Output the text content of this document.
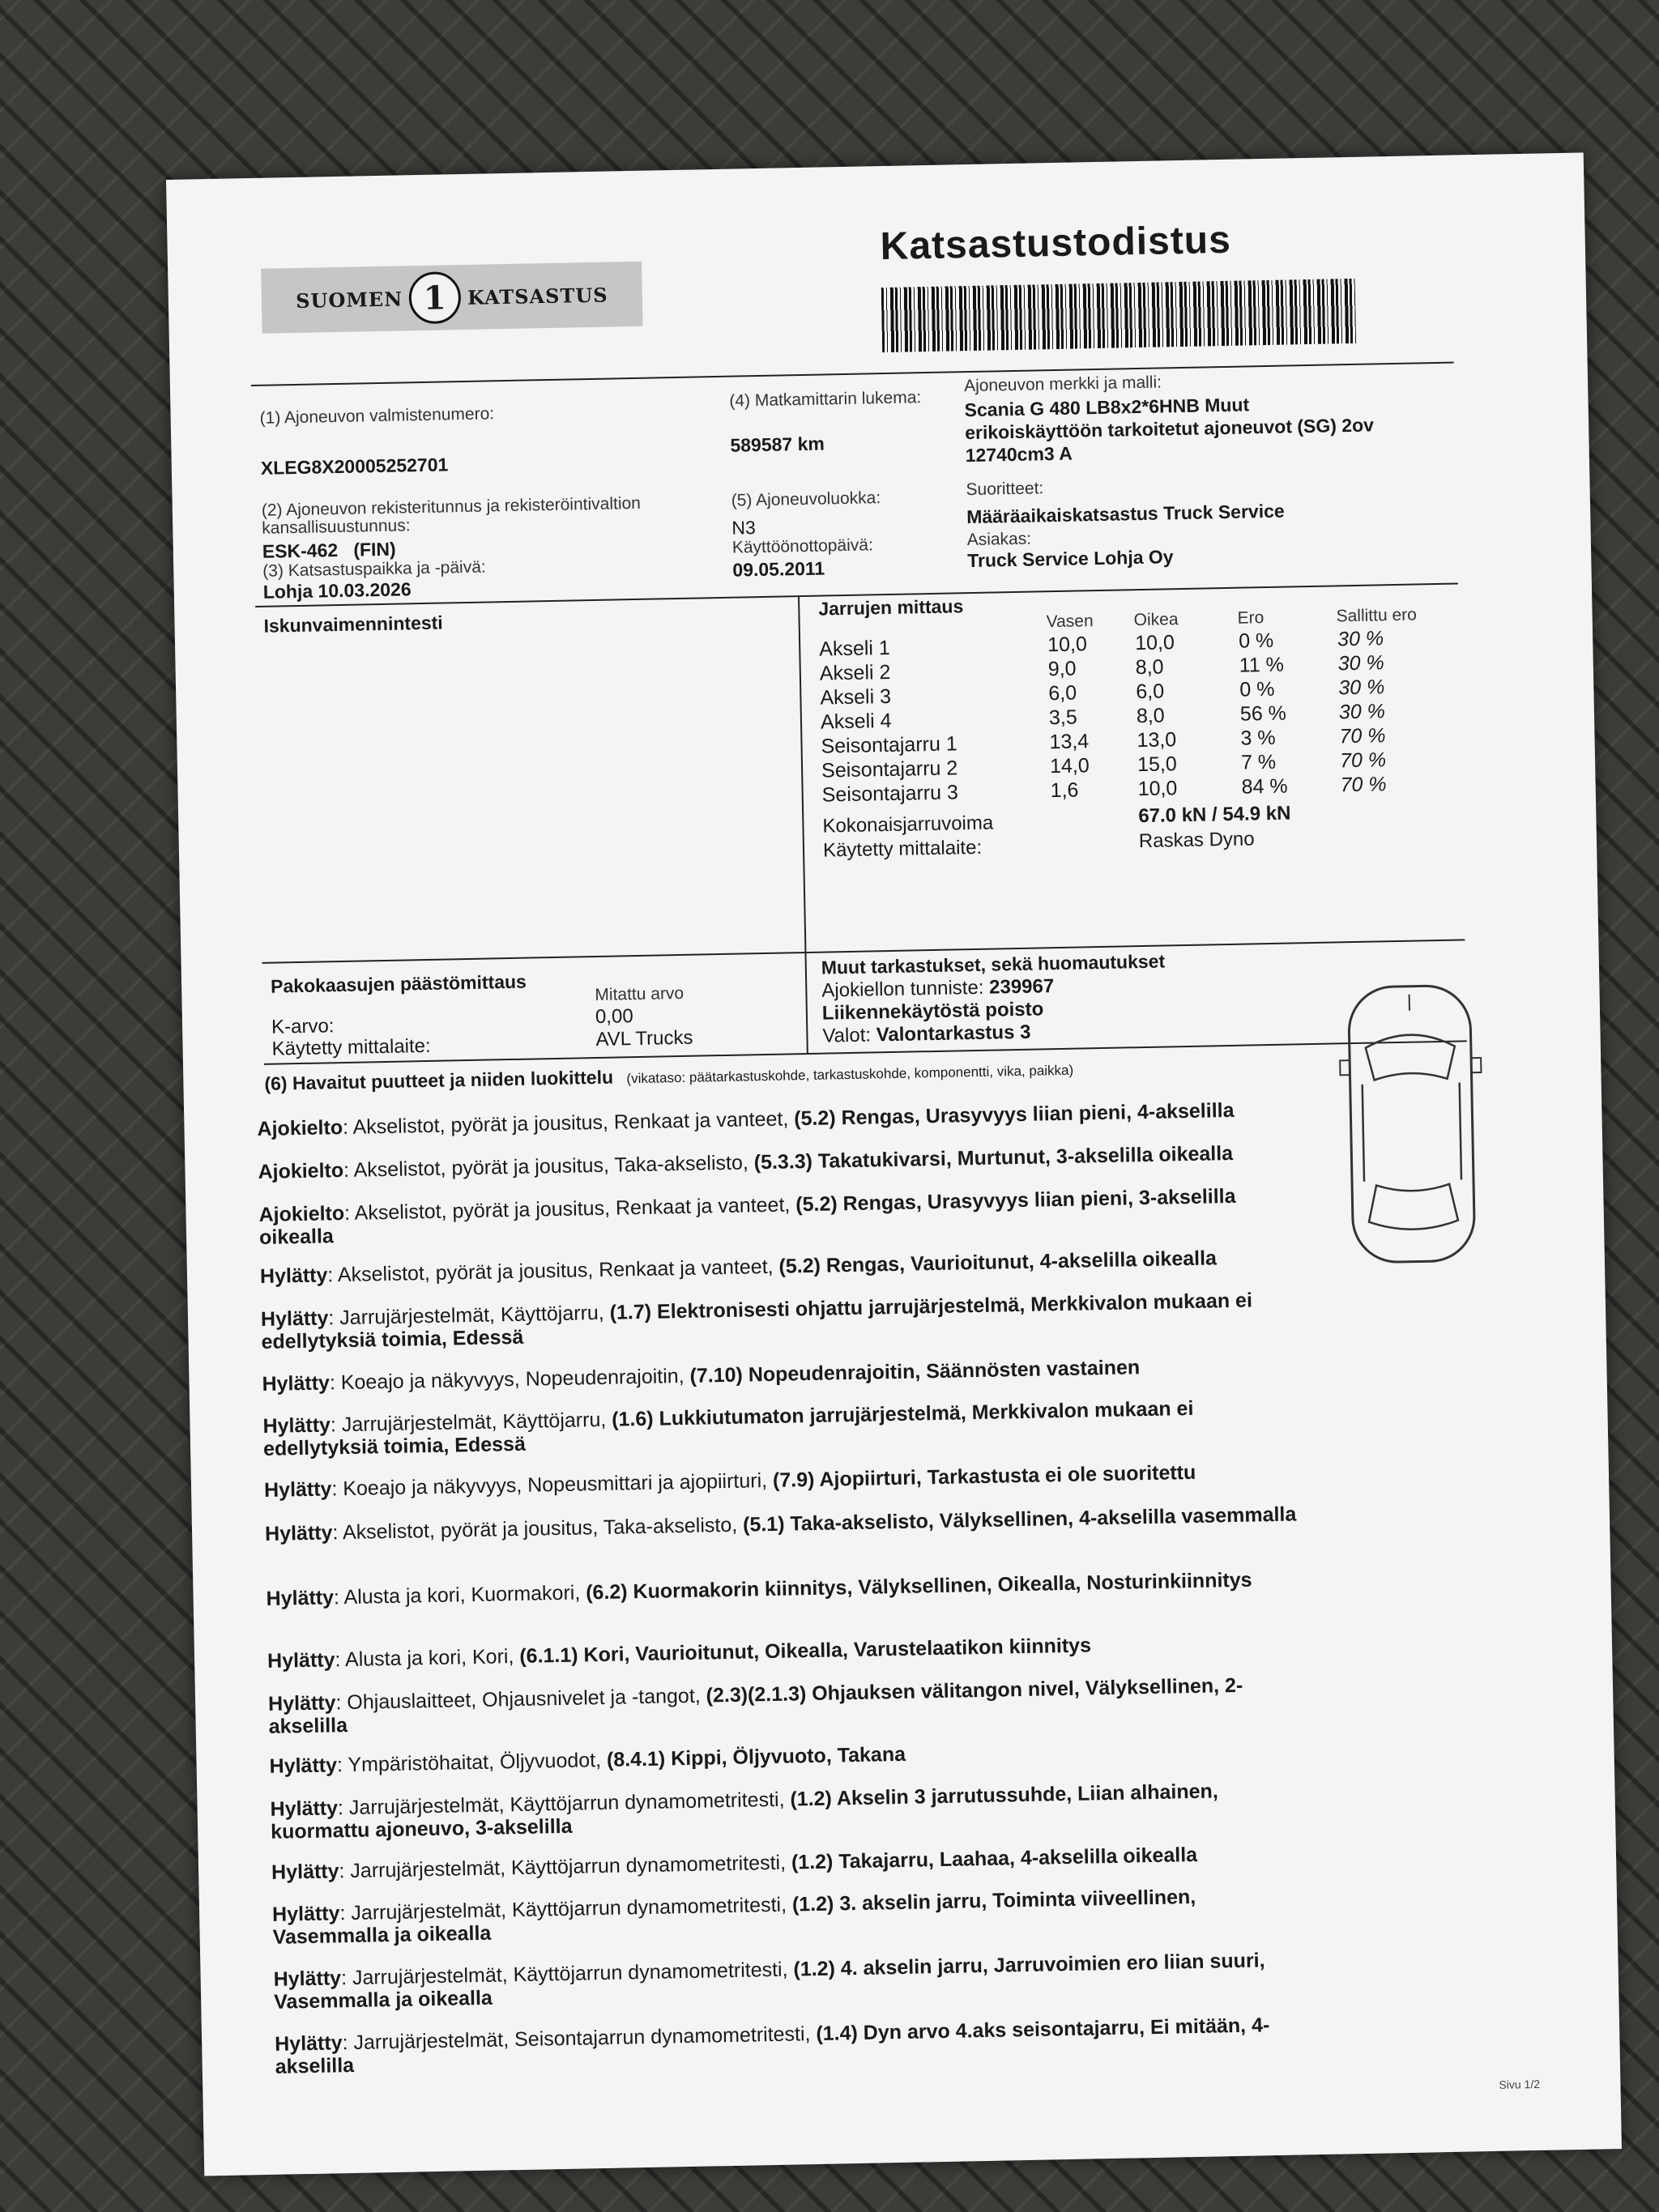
SUOMEN 1	KATSASTUS
Katsastustodistus
(1) Ajoneuvon valmistenumero:
XLEG8X20005252701
(2) Ajoneuvon rekisteritunnus ja rekisteröintivaltion kansallisuustunnus:
ESK-462   (FIN)
(3) Katsastuspaikka ja -päivä:
Lohja 10.03.2026
(4) Matkamittarin lukema:
589587 km
(5) Ajoneuvoluokka:
N3
Käyttöönottopäivä:
09.05.2011
Ajoneuvon merkki ja malli:
Scania G 480 LB8x2*6HNB Muut
erikoiskäyttöön tarkoitetut ajoneuvot (SG) 2ov
12740cm3 A
Suoritteet:
Määräaikaiskatsastus Truck Service
Asiakas:
Truck Service Lohja Oy
Iskunvaimennintesti
Jarrujen mittaus
Vasen Oikea	Ero	Sallittu ero
Akseli 1	10,0	10,0	0 %	30 %
Akseli 2	9,0	8,0	11 %	30 %
Akseli 3	6,0	6,0	0 %	30 %
Akseli 4	3,5	8,0	56 %	30 %
Seisontajarru 1	13,4	13,0	3 %	70 %
Seisontajarru 2	14,0	15,0	7 %	70 %
Seisontajarru 3	1,6	10,0	84 %	70 %
Kokonaisjarruvoima	67.0 kN / 54.9 kN
Käytetty mittalaite:	Raskas Dyno
Pakokaasujen päästömittaus	Mitattu arvo
K-arvo:	0,00
Käytetty mittalaite:	AVL Trucks
Muut tarkastukset, sekä huomautukset
Ajokiellon tunniste: 239967
Liikennekäytöstä poisto
Valot: Valontarkastus 3
(6) Havaitut puutteet ja niiden luokittelu (vikataso: päätarkastuskohde, tarkastuskohde, komponentti, vika, paikka)
Ajokielto: Akselistot, pyörät ja jousitus, Renkaat ja vanteet, (5.2) Rengas, Urasyvyys liian pieni, 4-akselilla
Ajokielto: Akselistot, pyörät ja jousitus, Taka-akselisto, (5.3.3) Takatukivarsi, Murtunut, 3-akselilla oikealla
Ajokielto: Akselistot, pyörät ja jousitus, Renkaat ja vanteet, (5.2) Rengas, Urasyvyys liian pieni, 3-akselilla oikealla
Hylätty: Akselistot, pyörät ja jousitus, Renkaat ja vanteet, (5.2) Rengas, Vaurioitunut, 4-akselilla oikealla
Hylätty: Jarrujärjestelmät, Käyttöjarru, (1.7) Elektronisesti ohjattu jarrujärjestelmä, Merkkivalon mukaan ei edellytyksiä toimia, Edessä
Hylätty: Koeajo ja näkyvyys, Nopeudenrajoitin, (7.10) Nopeudenrajoitin, Säännösten vastainen
Hylätty: Jarrujärjestelmät, Käyttöjarru, (1.6) Lukkiutumaton jarrujärjestelmä, Merkkivalon mukaan ei edellytyksiä toimia, Edessä
Hylätty: Koeajo ja näkyvyys, Nopeusmittari ja ajopiirturi, (7.9) Ajopiirturi, Tarkastusta ei ole suoritettu
Hylätty: Akselistot, pyörät ja jousitus, Taka-akselisto, (5.1) Taka-akselisto, Välyksellinen, 4-akselilla vasemmalla
Hylätty: Alusta ja kori, Kuormakori, (6.2) Kuormakorin kiinnitys, Välyksellinen, Oikealla, Nosturinkiinnitys
Hylätty: Alusta ja kori, Kori, (6.1.1) Kori, Vaurioitunut, Oikealla, Varustelaatikon kiinnitys
Hylätty: Ohjauslaitteet, Ohjausnivelet ja -tangot, (2.3)(2.1.3) Ohjauksen välitangon nivel, Välyksellinen, 2-akselilla
Hylätty: Ympäristöhaitat, Öljyvuodot, (8.4.1) Kippi, Öljyvuoto, Takana
Hylätty: Jarrujärjestelmät, Käyttöjarrun dynamometritesti, (1.2) Akselin 3 jarrutussuhde, Liian alhainen, kuormattu ajoneuvo, 3-akselilla
Hylätty: Jarrujärjestelmät, Käyttöjarrun dynamometritesti, (1.2) Takajarru, Laahaa, 4-akselilla oikealla
Hylätty: Jarrujärjestelmät, Käyttöjarrun dynamometritesti, (1.2) 3. akselin jarru, Toiminta viiveellinen, Vasemmalla ja oikealla
Hylätty: Jarrujärjestelmät, Käyttöjarrun dynamometritesti, (1.2) 4. akselin jarru, Jarruvoimien ero liian suuri, Vasemmalla ja oikealla
Hylätty: Jarrujärjestelmät, Seisontajarrun dynamometritesti, (1.4) Dyn arvo 4.aks seisontajarru, Ei mitään, 4-akselilla
Sivu 1/2
